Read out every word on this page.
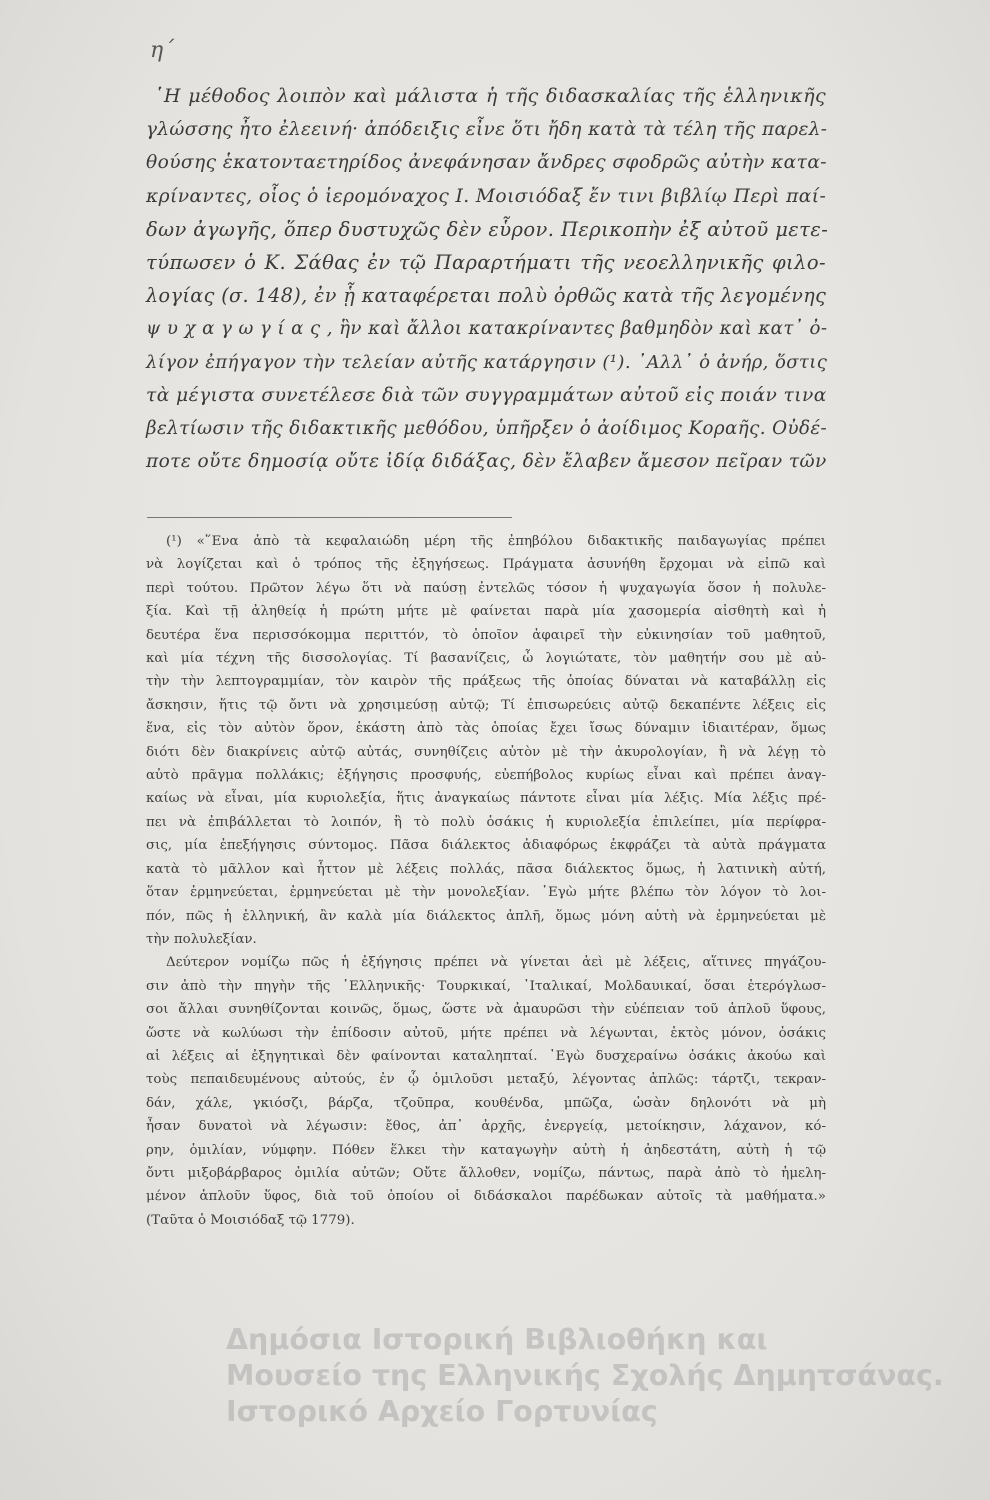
η΄
῾Η μέθοδος λοιπὸν καὶ μάλιστα ἡ τῆς διδασκαλίας τῆς ἑλληνικῆς
γλώσσης ἦτο ἐλεεινή· ἀπόδειξις εἶνε ὅτι ἤδη κατὰ τὰ τέλη τῆς παρελ-
θούσης ἑκατονταετηρίδος ἀνεφάνησαν ἄνδρες σφοδρῶς αὐτὴν κατα-
κρίναντες, οἷος ὁ ἱερομόναχος Ι. Μοισιόδαξ ἔν τινι βιβλίῳ Περὶ παί-
δων ἀγωγῆς, ὅπερ δυστυχῶς δὲν εὗρον. Περικοπὴν ἐξ αὐτοῦ μετε-
τύπωσεν ὁ Κ. Σάθας ἐν τῷ Παραρτήματι τῆς νεοελληνικῆς φιλο-
λογίας (σ. 148), ἐν ᾗ καταφέρεται πολὺ ὀρθῶς κατὰ τῆς λεγομένης
ψ υ χ α γ ω γ ί α ς , ἣν καὶ ἄλλοι κατακρίναντες βαθμηδὸν καὶ κατ᾽ ὀ-
λίγον ἐπήγαγον τὴν τελείαν αὐτῆς κατάργησιν (¹). ᾽Αλλ᾽ ὁ ἀνήρ, ὅστις
τὰ μέγιστα συνετέλεσε διὰ τῶν συγγραμμάτων αὐτοῦ εἰς ποιάν τινα
βελτίωσιν τῆς διδακτικῆς μεθόδου, ὑπῆρξεν ὁ ἀοίδιμος Κοραῆς. Οὐδέ-
ποτε οὔτε δημοσίᾳ οὔτε ἰδίᾳ διδάξας, δὲν ἔλαβεν ἄμεσον πεῖραν τῶν
(¹) «῞Ενα ἀπὸ τὰ κεφαλαιώδη μέρη τῆς ἐπηβόλου διδακτικῆς παιδαγωγίας πρέπει
νὰ λογίζεται καὶ ὁ τρόπος τῆς ἐξηγήσεως. Πράγματα ἀσυνήθη ἔρχομαι νὰ εἰπῶ καὶ
περὶ τούτου. Πρῶτον λέγω ὅτι νὰ παύσῃ ἐντελῶς τόσον ἡ ψυχαγωγία ὅσον ἡ πολυλε-
ξία. Καὶ τῇ ἀληθείᾳ ἡ πρώτη μήτε μὲ φαίνεται παρὰ μία χασομερία αἰσθητὴ καὶ ἡ
δευτέρα ἕνα περισσόκομμα περιττόν, τὸ ὁποῖον ἀφαιρεῖ τὴν εὐκινησίαν τοῦ μαθητοῦ,
καὶ μία τέχνη τῆς δισσολογίας. Τί βασανίζεις, ὦ λογιώτατε, τὸν μαθητήν σου μὲ αὐ-
τὴν τὴν λεπτογραμμίαν, τὸν καιρὸν τῆς πράξεως τῆς ὁποίας δύναται νὰ καταβάλλῃ εἰς
ἄσκησιν, ἥτις τῷ ὄντι νὰ χρησιμεύσῃ αὐτῷ; Τί ἐπισωρεύεις αὐτῷ δεκαπέντε λέξεις εἰς
ἕνα, εἰς τὸν αὐτὸν ὅρον, ἑκάστη ἀπὸ τὰς ὁποίας ἔχει ἴσως δύναμιν ἰδιαιτέραν, ὅμως
διότι δὲν διακρίνεις αὐτῷ αὐτάς, συνηθίζεις αὐτὸν μὲ τὴν ἀκυρολογίαν, ἢ νὰ λέγῃ τὸ
αὐτὸ πρᾶγμα πολλάκις; ἐξήγησις προσφυής, εὐεπήβολος κυρίως εἶναι καὶ πρέπει ἀναγ-
καίως νὰ εἶναι, μία κυριολεξία, ἥτις ἀναγκαίως πάντοτε εἶναι μία λέξις. Μία λέξις πρέ-
πει νὰ ἐπιβάλλεται τὸ λοιπόν, ἢ τὸ πολὺ ὁσάκις ἡ κυριολεξία ἐπιλείπει, μία περίφρα-
σις, μία ἐπεξήγησις σύντομος. Πᾶσα διάλεκτος ἀδιαφόρως ἐκφράζει τὰ αὐτὰ πράγματα
κατὰ τὸ μᾶλλον καὶ ἧττον μὲ λέξεις πολλάς, πᾶσα διάλεκτος ὅμως, ἡ λατινικὴ αὐτή,
ὅταν ἑρμηνεύεται, ἑρμηνεύεται μὲ τὴν μονολεξίαν. ᾽Εγὼ μήτε βλέπω τὸν λόγον τὸ λοι-
πόν, πῶς ἡ ἑλληνική, ἂν καλὰ μία διάλεκτος ἁπλῆ, ὅμως μόνη αὐτὴ νὰ ἑρμηνεύεται μὲ
τὴν πολυλεξίαν.
Δεύτερον νομίζω πῶς ἡ ἐξήγησις πρέπει νὰ γίνεται ἀεὶ μὲ λέξεις, αἵτινες πηγάζου-
σιν ἀπὸ τὴν πηγὴν τῆς ῾Ελληνικῆς· Τουρκικαί, ᾽Ιταλικαί, Μολδαυικαί, ὅσαι ἑτερόγλωσ-
σοι ἄλλαι συνηθίζονται κοινῶς, ὅμως, ὥστε νὰ ἀμαυρῶσι τὴν εὐέπειαν τοῦ ἁπλοῦ ὕφους,
ὥστε νὰ κωλύωσι τὴν ἐπίδοσιν αὐτοῦ, μήτε πρέπει νὰ λέγωνται, ἐκτὸς μόνον, ὁσάκις
αἱ λέξεις αἱ ἐξηγητικαὶ δὲν φαίνονται καταληπταί. ᾽Εγὼ δυσχεραίνω ὁσάκις ἀκούω καὶ
τοὺς πεπαιδευμένους αὐτούς, ἐν ᾧ ὁμιλοῦσι μεταξύ, λέγοντας ἁπλῶς: τάρτζι, τεκραν-
δάν, χάλε, γκιόσζι, βάρζα, τζοῦπρα, κουθένδα, μπῶζα, ὡσὰν δηλονότι νὰ μὴ
ἦσαν δυνατοὶ νὰ λέγωσιν: ἔθος, ἀπ᾽ ἀρχῆς, ἐνεργείᾳ, μετοίκησιν, λάχανον, κό-
ρην, ὁμιλίαν, νύμφην. Πόθεν ἕλκει τὴν καταγωγὴν αὐτὴ ἡ ἀηδεστάτη, αὐτὴ ἡ τῷ
ὄντι μιξοβάρβαρος ὁμιλία αὐτῶν; Οὔτε ἄλλοθεν, νομίζω, πάντως, παρὰ ἀπὸ τὸ ἠμελη-
μένον ἁπλοῦν ὕφος, διὰ τοῦ ὁποίου οἱ διδάσκαλοι παρέδωκαν αὐτοῖς τὰ μαθήματα.»
(Ταῦτα ὁ Μοισιόδαξ τῷ 1779).
Δημόσια Ιστορική Βιβλιοθήκη και
Μουσείο της Ελληνικής Σχολής Δημητσάνας.
Ιστορικό Αρχείο Γορτυνίας
